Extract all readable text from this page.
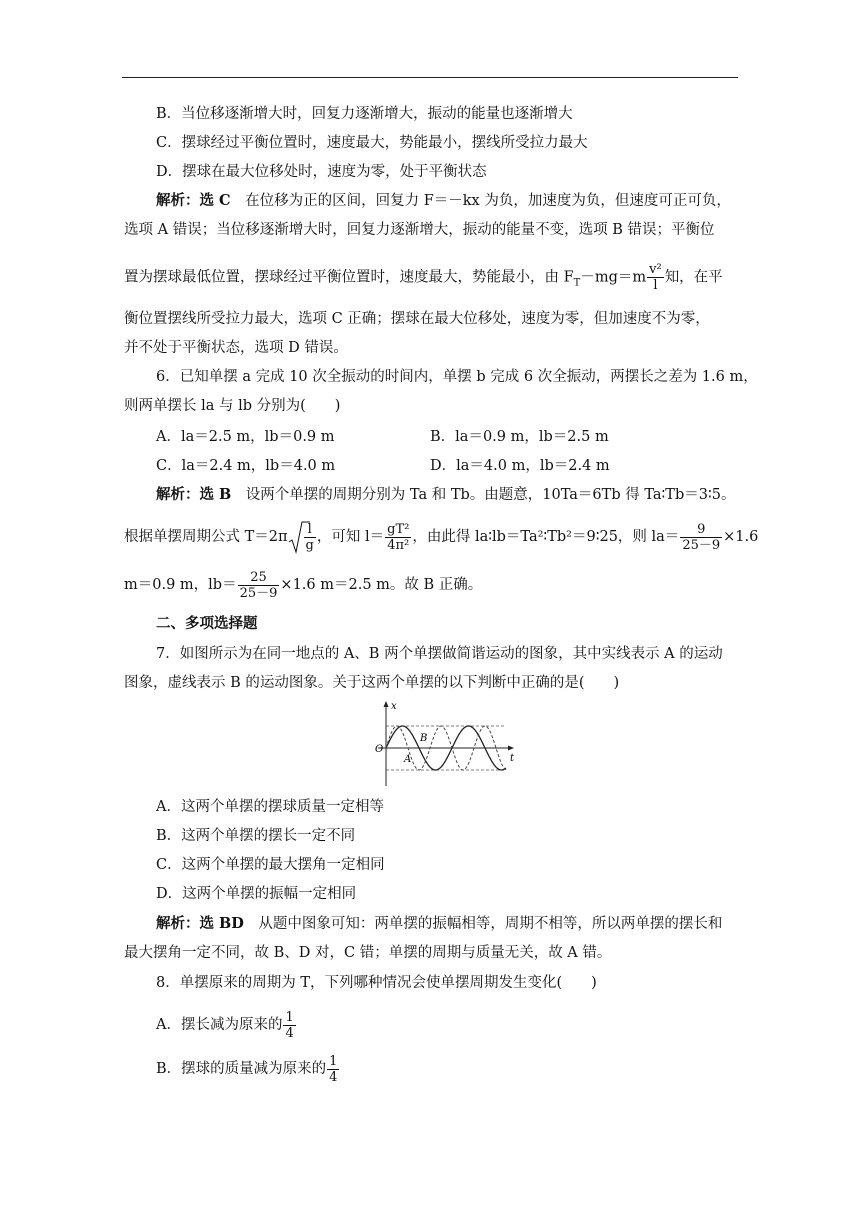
B．当位移逐渐增大时，回复力逐渐增大，振动的能量也逐渐增大
C．摆球经过平衡位置时，速度最大，势能最小，摆线所受拉力最大
D．摆球在最大位移处时，速度为零，处于平衡状态
解析：选 C　在位移为正的区间，回复力 F＝－kx 为负，加速度为负，但速度可正可负，
选项 A 错误；当位移逐渐增大时，回复力逐渐增大，振动的能量不变，选项 B 错误；平衡位
置为摆球最低位置，摆球经过平衡位置时，速度最大，势能最小，由 $F_T-mg=m \frac{\text{v²}}{l}$ 知，在平
衡位置摆线所受拉力最大，选项 C 正确；摆球在最大位移处，速度为零，但加速度不为零，
并不处于平衡状态，选项 D 错误。
6．已知单摆 a 完成 10 次全振动的时间内，单摆 b 完成 6 次全振动，两摆长之差为 1.6 m，
则两单摆长 la 与 lb 分别为(　　)
A．la＝2.5 m，lb＝0.9 m	B．la＝0.9 m，lb＝2.5 m
C．la＝2.4 m，lb＝4.0 m	D．la＝4.0 m，lb＝2.4 m
解析：选 B　设两个单摆的周期分别为 Ta 和 Tb。由题意，10Ta＝6Tb 得 Ta∶Tb＝3∶5。
根据单摆周期公式 $T=2\pi \frac{l}{g}$ ，可知 $l= \frac{\text{gT²}}{\text{4π²}}$ ，由此得 la∶lb＝Ta²∶Tb²＝9∶25，则 $la= \frac{9}{25-9} \times 1.6$
m＝0.9 m，$lb= \frac{25}{25-9} \times 1.6$ m＝2.5 m。故 B 正确。
二、多项选择题
7．如图所示为在同一地点的 A、B 两个单摆做简谐运动的图象，其中实线表示 A 的运动
图象，虚线表示 B 的运动图象。关于这两个单摆的以下判断中正确的是(　　)
x
O
t
B
A
A．这两个单摆的摆球质量一定相等
B．这两个单摆的摆长一定不同
C．这两个单摆的最大摆角一定相同
D．这两个单摆的振幅一定相同
解析：选 BD　从题中图象可知：两单摆的振幅相等，周期不相等，所以两单摆的摆长和
最大摆角一定不同，故 B、D 对，C 错；单摆的周期与质量无关，故 A 错。
8．单摆原来的周期为 T，下列哪种情况会使单摆周期发生变化(　　)
A．摆长减为原来的 $\frac{1}{4}$
B．摆球的质量减为原来的 $\frac{1}{4}$
